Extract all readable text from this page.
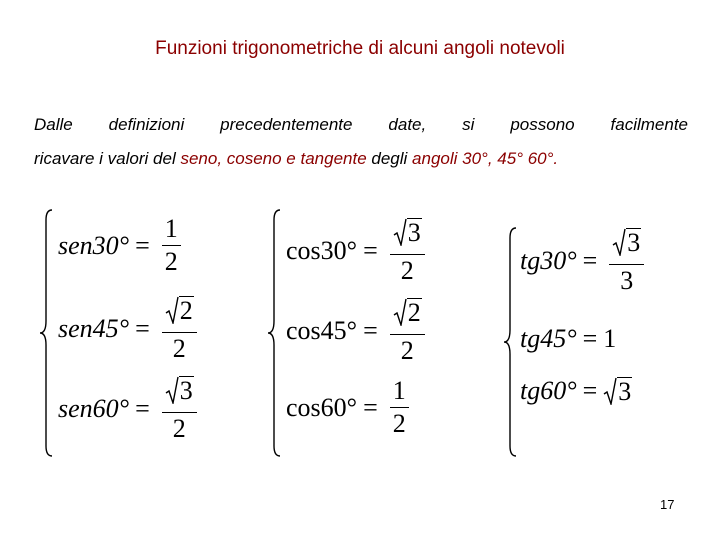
Funzioni trigonometriche di alcuni angoli notevoli
Dalle definizioni precedentemente date, si possono facilmente
ricavare i valori del seno, coseno e tangente degli angoli 30°, 45° 60°.
$sen30^\circ = \frac{1}{2}$
$sen45^\circ = \frac{2}{2}$
$sen60^\circ = \frac{3}{2}$
$\cos 30^\circ = \frac{3}{2}$
$\cos 45^\circ = \frac{2}{2}$
$\cos 60^\circ = \frac{1}{2}$
$tg30^\circ = \frac{3}{3}$
tg45° = 1
tg60° = 3
17
